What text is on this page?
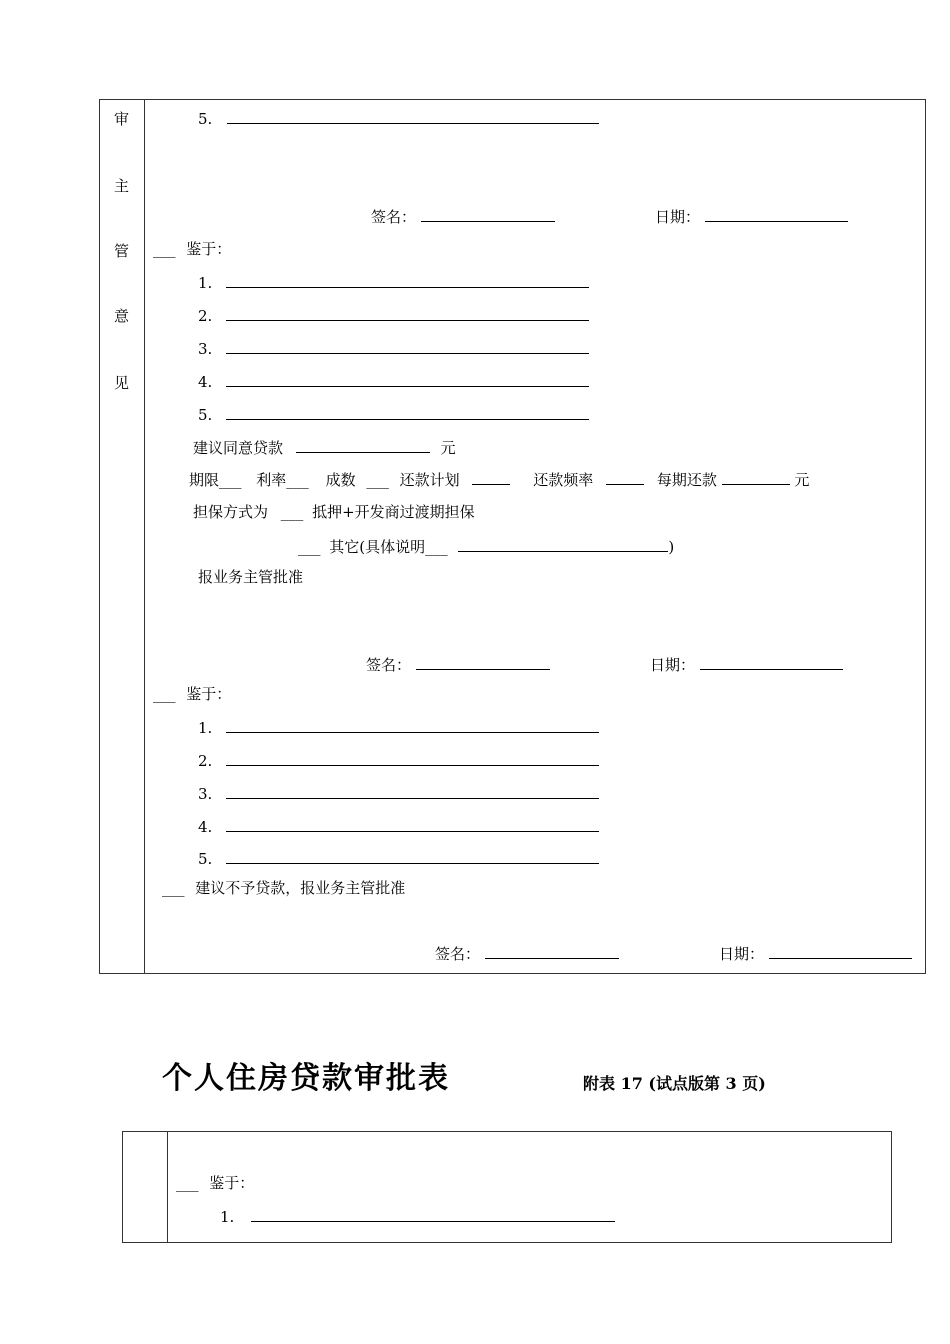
审
主
管
意
见
5.
签名：	日期：
___ 鉴于：
1.
2.
3.
4.
5.
建议同意贷款	元
期限___ 利率___ 成数 ___ 还款计划	还款频率	每期还款	元
担保方式为 ___ 抵押+开发商过渡期担保
___ 其它(具体说明___	)
报业务主管批准
签名：	日期：
___ 鉴于：
1.
2.
3.
4.
5.
___ 建议不予贷款，报业务主管批准
签名：	日期：
个人住房贷款审批表	附表 17 (试点版第 3 页)
___ 鉴于：
1.
